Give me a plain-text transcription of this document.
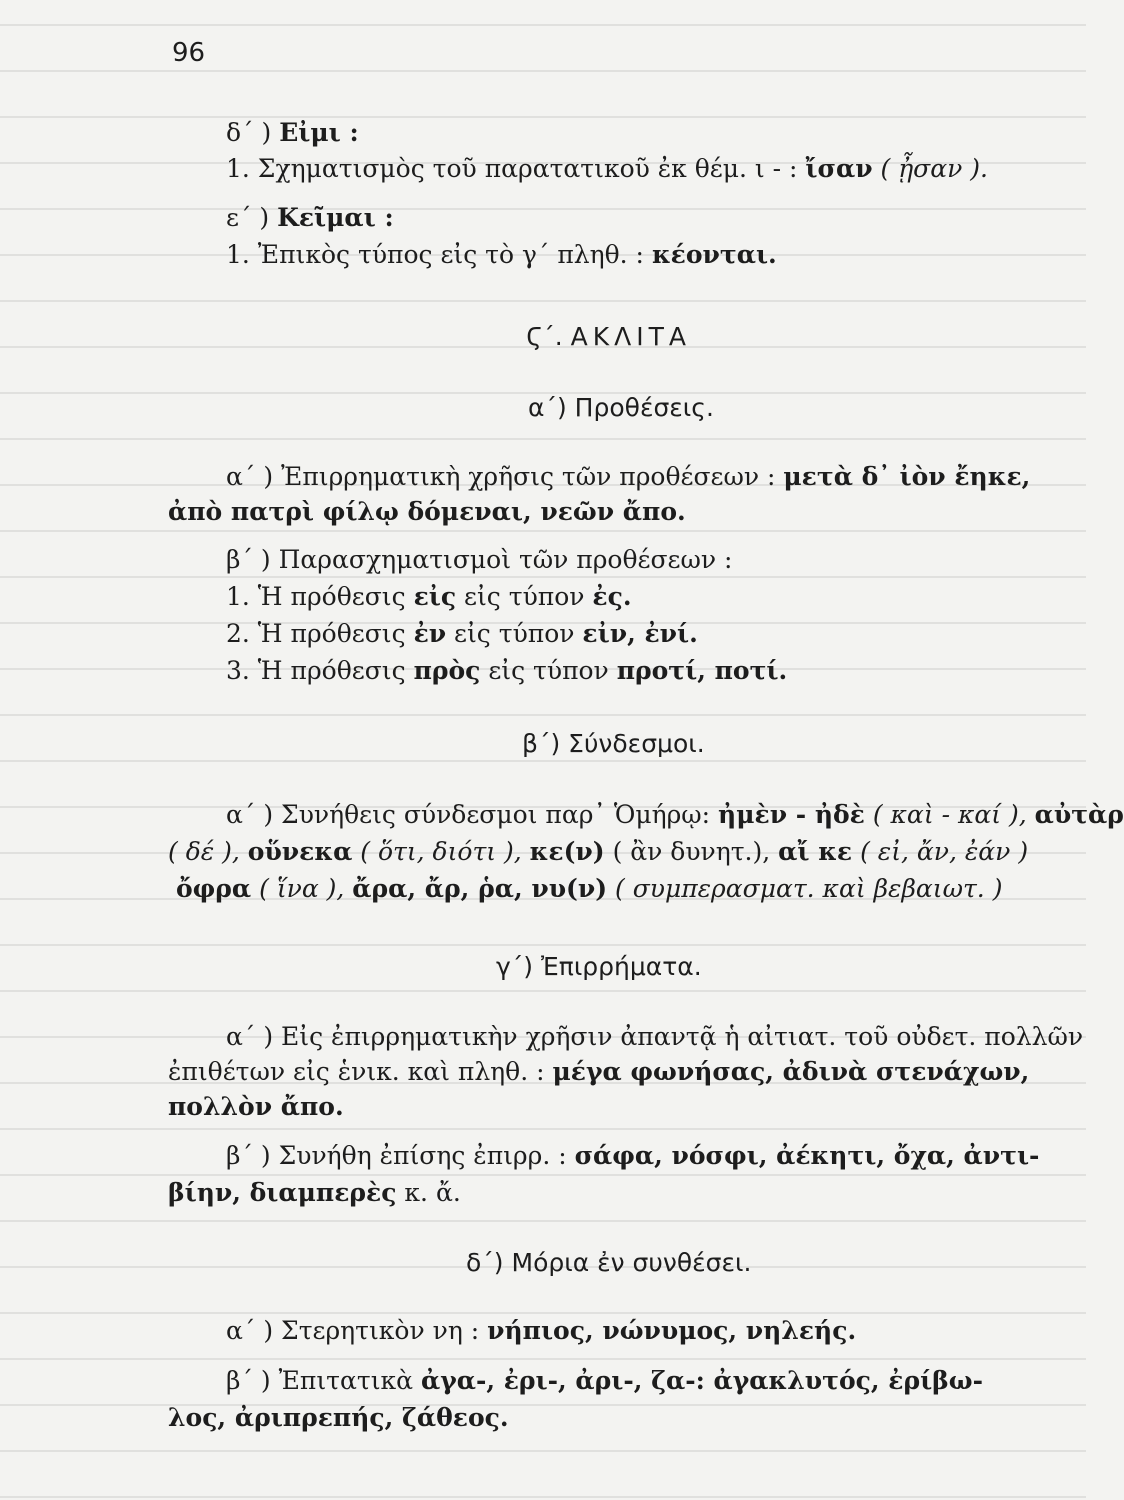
96
δ΄ ) Εἰμι :
1. Σχηματισμὸς τοῦ παρατατικοῦ ἐκ θέμ. ι - : ἴσαν ( ᾖσαν ).
ε΄ ) Κεῖμαι :
1. Ἐπικὸς τύπος εἰς τὸ γ΄ πληθ. : κέονται.
Ϛ΄. ΑΚΛΙΤΑ
α΄) Προθέσεις.
α΄ ) Ἐπιρρηματικὴ χρῆσις τῶν προθέσεων : μετὰ δ᾽ ἰὸν ἔηκε,
ἀπὸ πατρὶ φίλῳ δόμεναι, νεῶν ἄπο.
β΄ ) Παρασχηματισμοὶ τῶν προθέσεων :
1. Ἡ πρόθεσις εἰς εἰς τύπον ἐς.
2. Ἡ πρόθεσις ἐν εἰς τύπον εἰν, ἐνί.
3. Ἡ πρόθεσις πρὸς εἰς τύπον προτί, ποτί.
β΄) Σύνδεσμοι.
α΄ ) Συνήθεις σύνδεσμοι παρ᾽ Ὁμήρῳ: ἠμὲν - ἠδὲ ( καὶ - καί ), αὐτὰρ
( δέ ), οὕνεκα ( ὅτι, διότι ), κε(ν) ( ἂν δυνητ.), αἴ κε ( εἰ, ἄν, ἐάν )
ὄφρα ( ἵνα ), ἄρα, ἄρ, ῥα, νυ(ν) ( συμπερασματ. καὶ βεβαιωτ. )
γ΄) Ἐπιρρήματα.
α΄ ) Εἰς ἐπιρρηματικὴν χρῆσιν ἀπαντᾷ ἡ αἰτιατ. τοῦ οὐδετ. πολλῶν
ἐπιθέτων εἰς ἑνικ. καὶ πληθ. : μέγα φωνήσας, ἀδινὰ στενάχων,
πολλὸν ἄπο.
β΄ ) Συνήθη ἐπίσης ἐπιρρ. : σάφα, νόσφι, ἀέκητι, ὄχα, ἀντι-
βίην, διαμπερὲς κ. ἄ.
δ΄) Μόρια ἐν συνθέσει.
α΄ ) Στερητικὸν νη : νήπιος, νώνυμος, νηλεής.
β΄ ) Ἐπιτατικὰ ἀγα-, ἐρι-, ἀρι-, ζα-: ἀγακλυτός, ἐρίβω-
λος, ἀριπρεπής, ζάθεος.
